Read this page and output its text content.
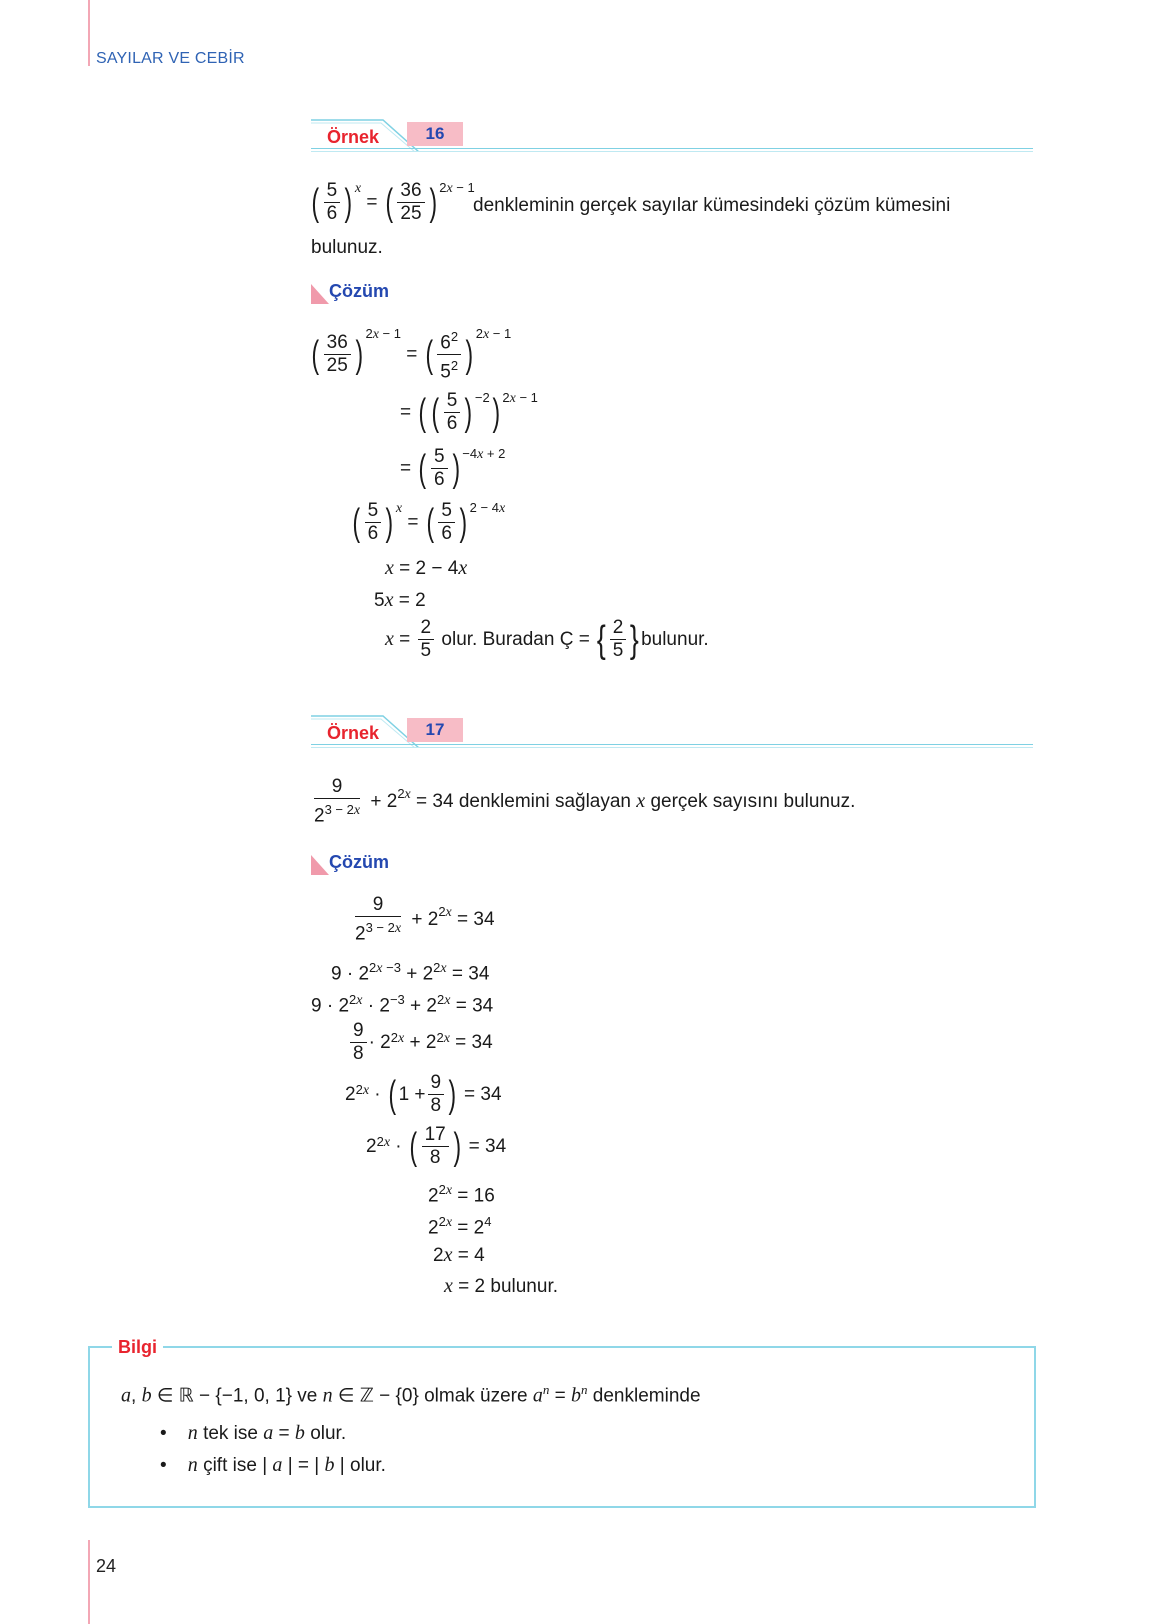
SAYILAR VE CEBİR
Örnek	16
( $\frac{5}{6}$ ) $^x$
= ( $\frac{36}{25} )^{2x - 1}$
denkleminin gerçek sayılar kümesindeki çözüm kümesini
bulunuz.
Çözüm
( $\frac{36}{25}$ )
$^{2x - 1}$
= ( $\frac{6^2}{5^2}$ )
$^{2x - 1}$
= ( ( $\frac{5}{6} )^{-2}$ )$^{2x - 1}$
= ( $\frac{5}{6} )^{-4x + 2}$
( $\frac{5}{6}$ ) $^x$
= ( $\frac{5}{6} )^{2 - 4x}$
x = 2 − 4x
5x = 2
$x = \frac{2}{5}$
olur. Buradan Ç =
{ $\frac{2}{5}$ } bulunur.
Örnek	17
$\frac{9}{2^{3 - 2x}} + 2^{2x}$
= 34 denklemini sağlayan
x
gerçek sayısını bulunuz.
Çözüm
$\frac{9}{2^{3 - 2x}} + 2^{2x} = 34$
$9 \cdot 2^{2x -3} + 2^{2x} = 34$
$9 \cdot 2^{2x} \cdot 2^{-3} + 2^{2x} = 34$
$\frac{9}{8} \cdot 2^{2x} + 2$ 2x = 34
2 2x · ( $1 + \frac{9}{8}$ ) = 34
2 2x · ( $\frac{17}{8}$ ) = 34
$2^{2x} = 16$
$2^{2x} = 2^4$
2x = 4
x = 2 bulunur.
Bilgi
a, b ∈ ℝ − {−1, 0, 1} ve n ∈ ℤ − {0} olmak üzere $a^n = b^n$ denkleminde
•    n tek ise a = b olur.
•    n çift ise | a | = | b | olur.
24
